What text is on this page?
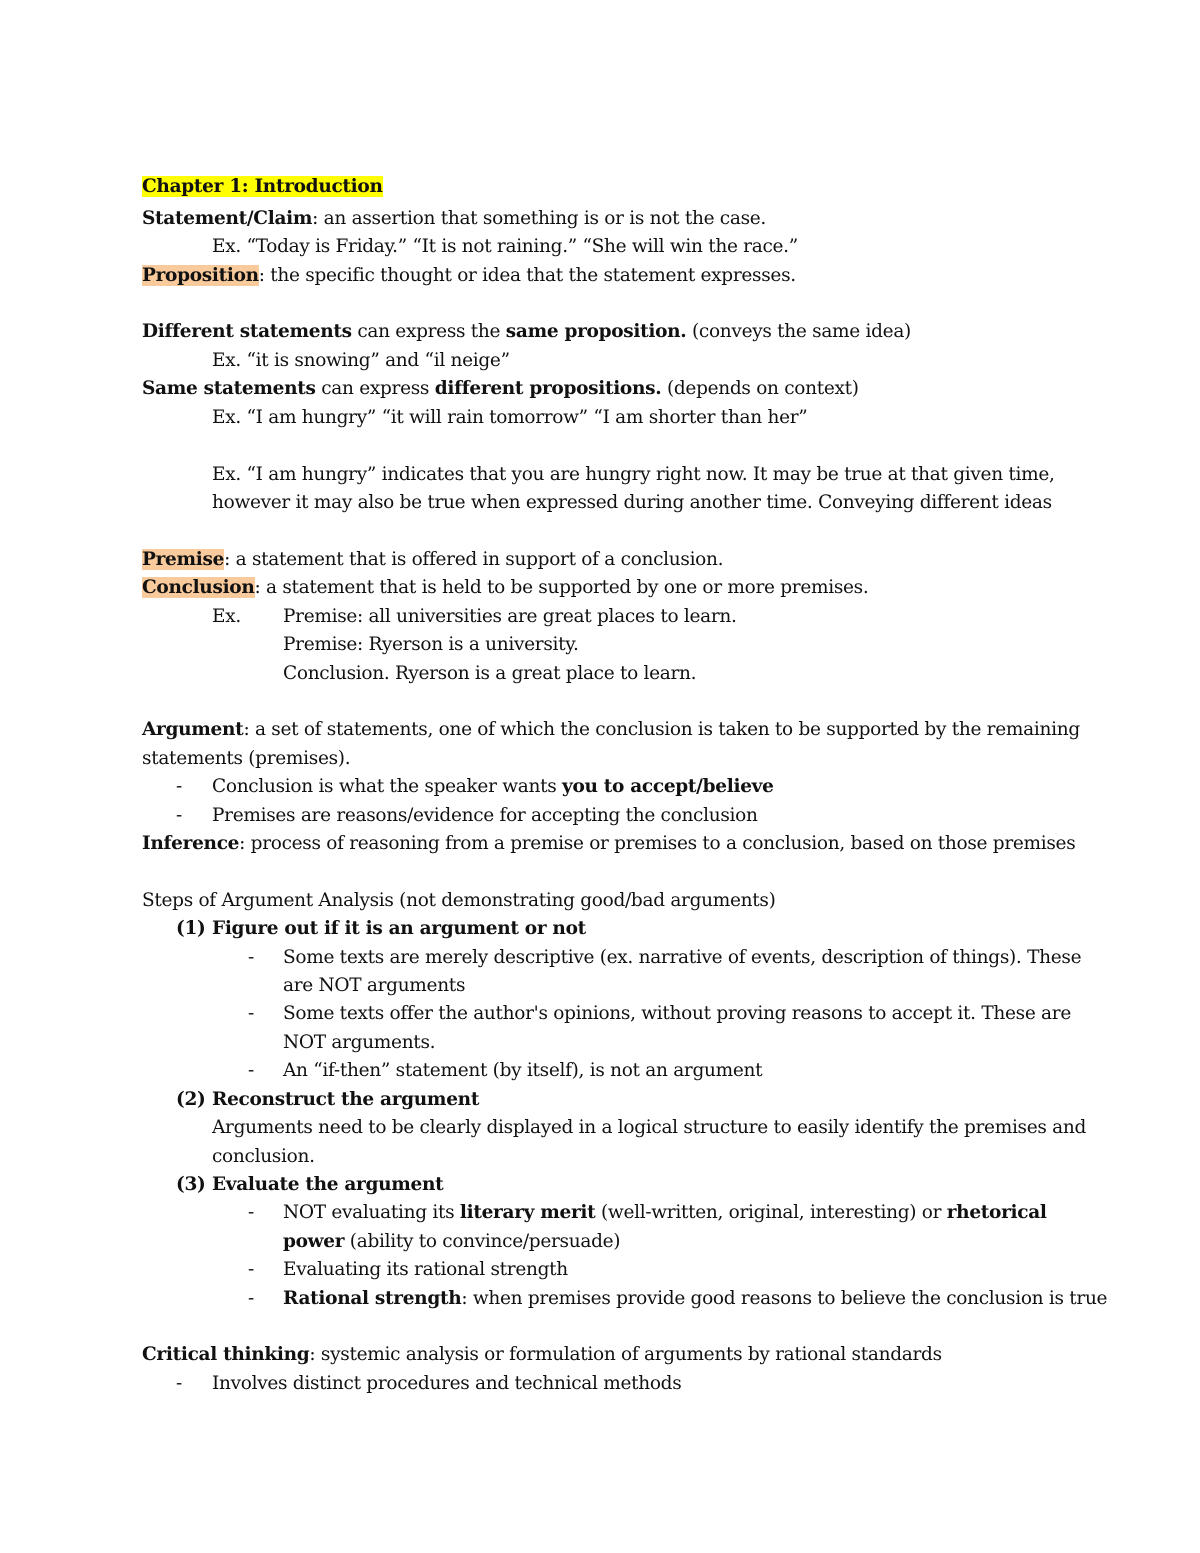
Chapter 1: Introduction
Statement/Claim: an assertion that something is or is not the case.
Ex. “Today is Friday.” “It is not raining.” “She will win the race.”
Proposition: the specific thought or idea that the statement expresses.
Different statements can express the same proposition. (conveys the same idea)
Ex. “it is snowing” and “il neige”
Same statements can express different propositions. (depends on context)
Ex. “I am hungry” “it will rain tomorrow” “I am shorter than her”
Ex. “I am hungry” indicates that you are hungry right now. It may be true at that given time,
however it may also be true when expressed during another time. Conveying different ideas
Premise: a statement that is offered in support of a conclusion.
Conclusion: a statement that is held to be supported by one or more premises.
Ex. Premise: all universities are great places to learn.
Premise: Ryerson is a university.
Conclusion. Ryerson is a great place to learn.
Argument: a set of statements, one of which the conclusion is taken to be supported by the remaining
statements (premises).
- Conclusion is what the speaker wants you to accept/believe
- Premises are reasons/evidence for accepting the conclusion
Inference: process of reasoning from a premise or premises to a conclusion, based on those premises
Steps of Argument Analysis (not demonstrating good/bad arguments)
(1) Figure out if it is an argument or not
- Some texts are merely descriptive (ex. narrative of events, description of things). These
are NOT arguments
- Some texts offer the author's opinions, without proving reasons to accept it. These are
NOT arguments.
- An “if-then” statement (by itself), is not an argument
(2) Reconstruct the argument
Arguments need to be clearly displayed in a logical structure to easily identify the premises and
conclusion.
(3) Evaluate the argument
- NOT evaluating its literary merit (well-written, original, interesting) or rhetorical
power (ability to convince/persuade)
- Evaluating its rational strength
- Rational strength: when premises provide good reasons to believe the conclusion is true
Critical thinking: systemic analysis or formulation of arguments by rational standards
- Involves distinct procedures and technical methods
